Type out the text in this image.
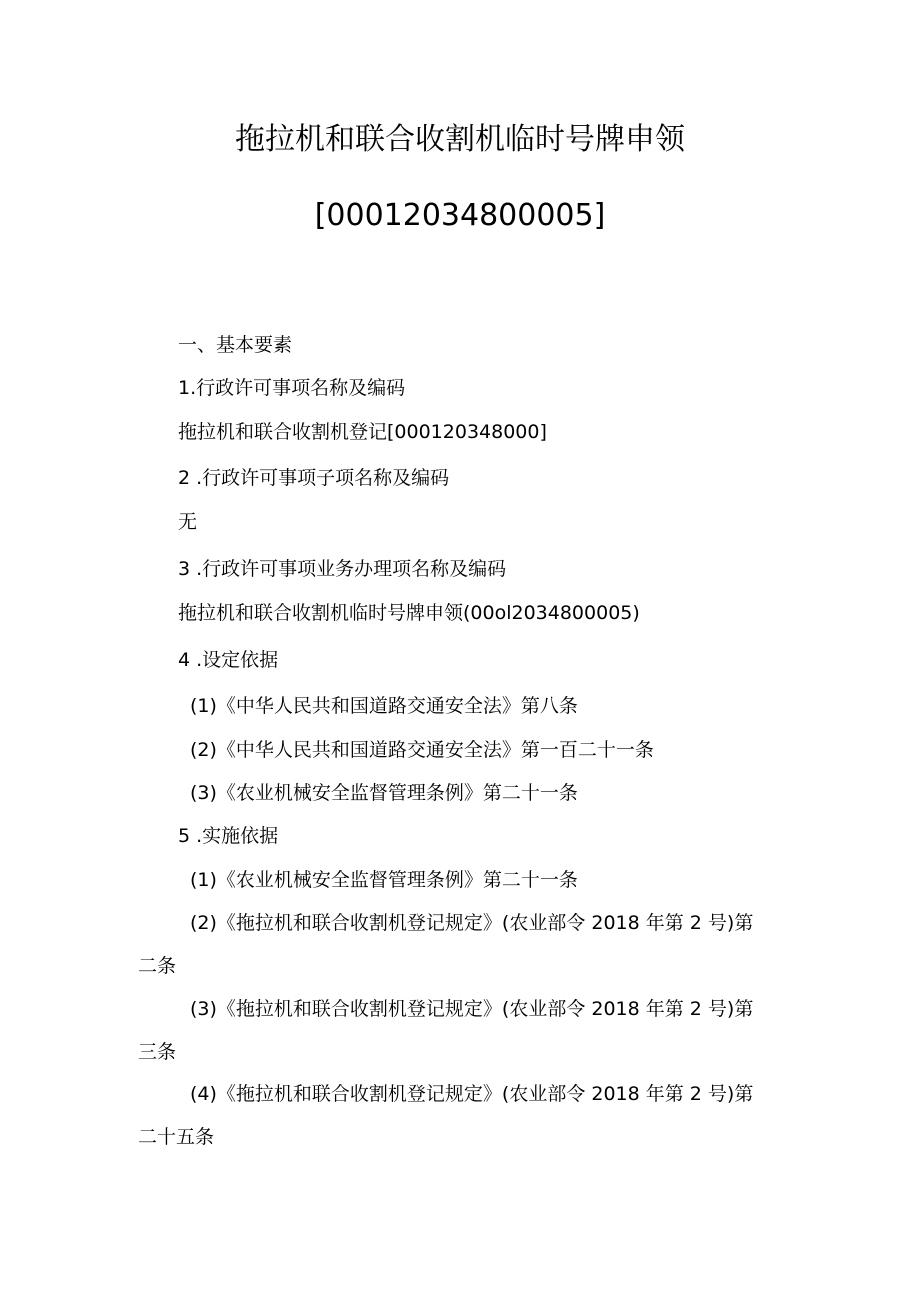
拖拉机和联合收割机临时号牌申领
[00012034800005]
一、基本要素
1.行政许可事项名称及编码
拖拉机和联合收割机登记[000120348000]
2 .行政许可事项子项名称及编码
无
3 .行政许可事项业务办理项名称及编码
拖拉机和联合收割机临时号牌申领(00ol2034800005)
4 .设定依据
(1)《中华人民共和国道路交通安全法》第八条
(2)《中华人民共和国道路交通安全法》第一百二十一条
(3)《农业机械安全监督管理条例》第二十一条
5 .实施依据
(1)《农业机械安全监督管理条例》第二十一条
(2)《拖拉机和联合收割机登记规定》(农业部令 2018 年第 2 号)第
二条
(3)《拖拉机和联合收割机登记规定》(农业部令 2018 年第 2 号)第
三条
(4)《拖拉机和联合收割机登记规定》(农业部令 2018 年第 2 号)第
二十五条
